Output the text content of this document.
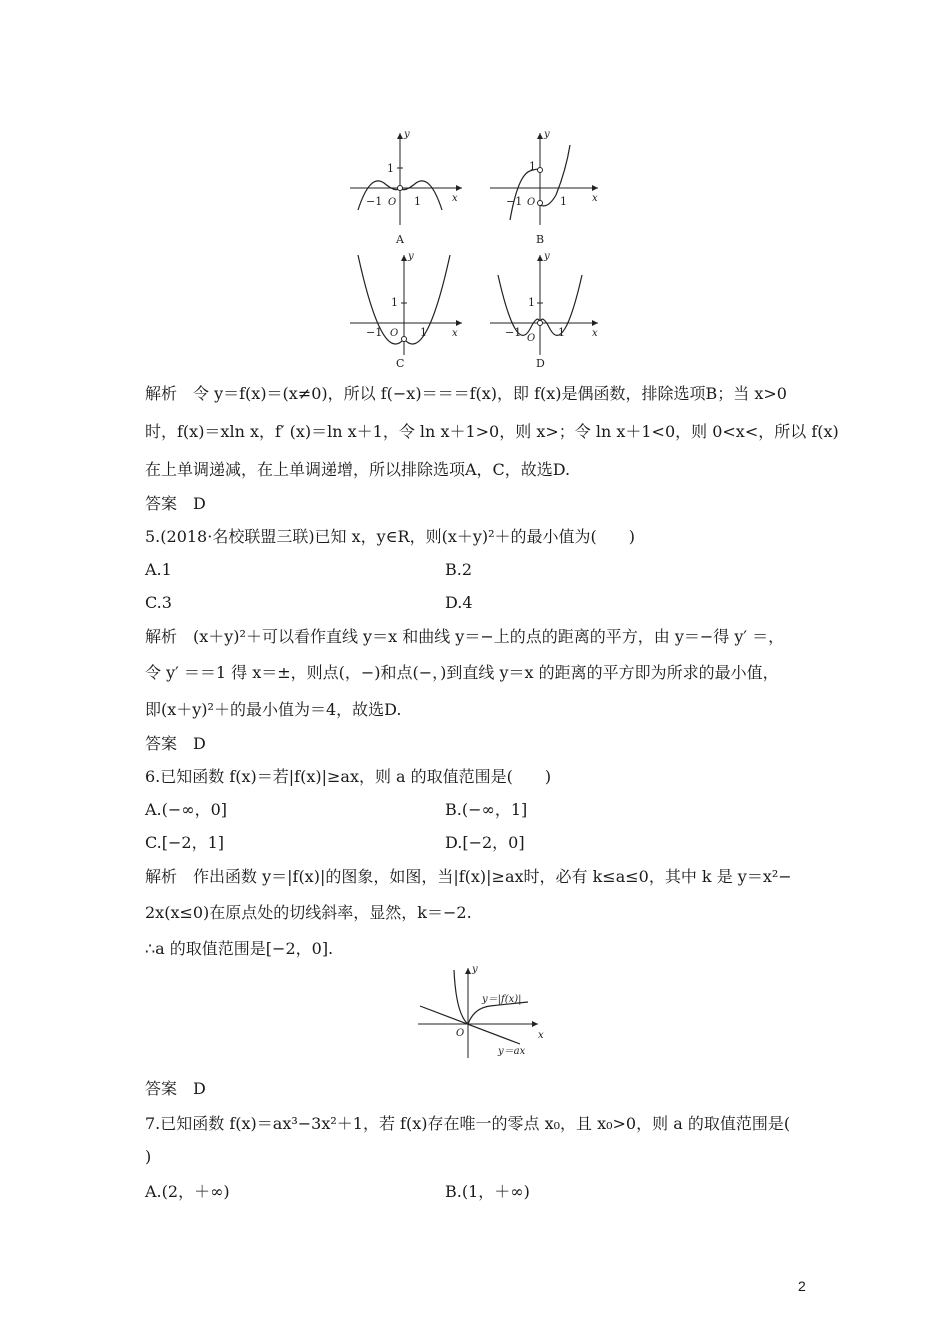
1
−1	1
O	x
y
A
1
−1	1
O	x
y
B
1
−1	1
O	x
y
C
1
−1	1
O	x
y
D
解析　令 y＝f(x)＝(x≠0)，所以 f(−x)＝＝＝f(x)，即 f(x)是偶函数，排除选项B；当 x>0
时，f(x)＝xln x，f′ (x)＝ln x＋1，令 ln x＋1>0，则 x>；令 ln x＋1<0，则 0<x<，所以 f(x)
在上单调递减，在上单调递增，所以排除选项A，C，故选D.
答案　D
5.(2018·名校联盟三联)已知 x，y∈R，则(x＋y)²＋的最小值为(　　)
A.1	B.2
C.3	D.4
解析　(x＋y)²＋可以看作直线 y＝x 和曲线 y＝−上的点的距离的平方，由 y＝−得 y′ ＝，
令 y′ ＝＝1 得 x＝±，则点(，−)和点(−，)到直线 y＝x 的距离的平方即为所求的最小值，
即(x＋y)²＋的最小值为＝4，故选D.
答案　D
6.已知函数 f(x)＝若|f(x)|≥ax，则 a 的取值范围是(　　)
A.(−∞，0]	B.(−∞，1]
C.[−2，1]	D.[−2，0]
解析　作出函数 y＝|f(x)|的图象，如图，当|f(x)|≥ax时，必有 k≤a≤0，其中 k 是 y＝x²−
2x(x≤0)在原点处的切线斜率，显然，k＝−2.
∴a 的取值范围是[−2，0].
y＝|f(x)|
y＝ax
x
y
O
答案　D
7.已知函数 f(x)＝ax³−3x²＋1，若 f(x)存在唯一的零点 x₀，且 x₀>0，则 a 的取值范围是(
)
A.(2，＋∞)	B.(1，＋∞)
2
